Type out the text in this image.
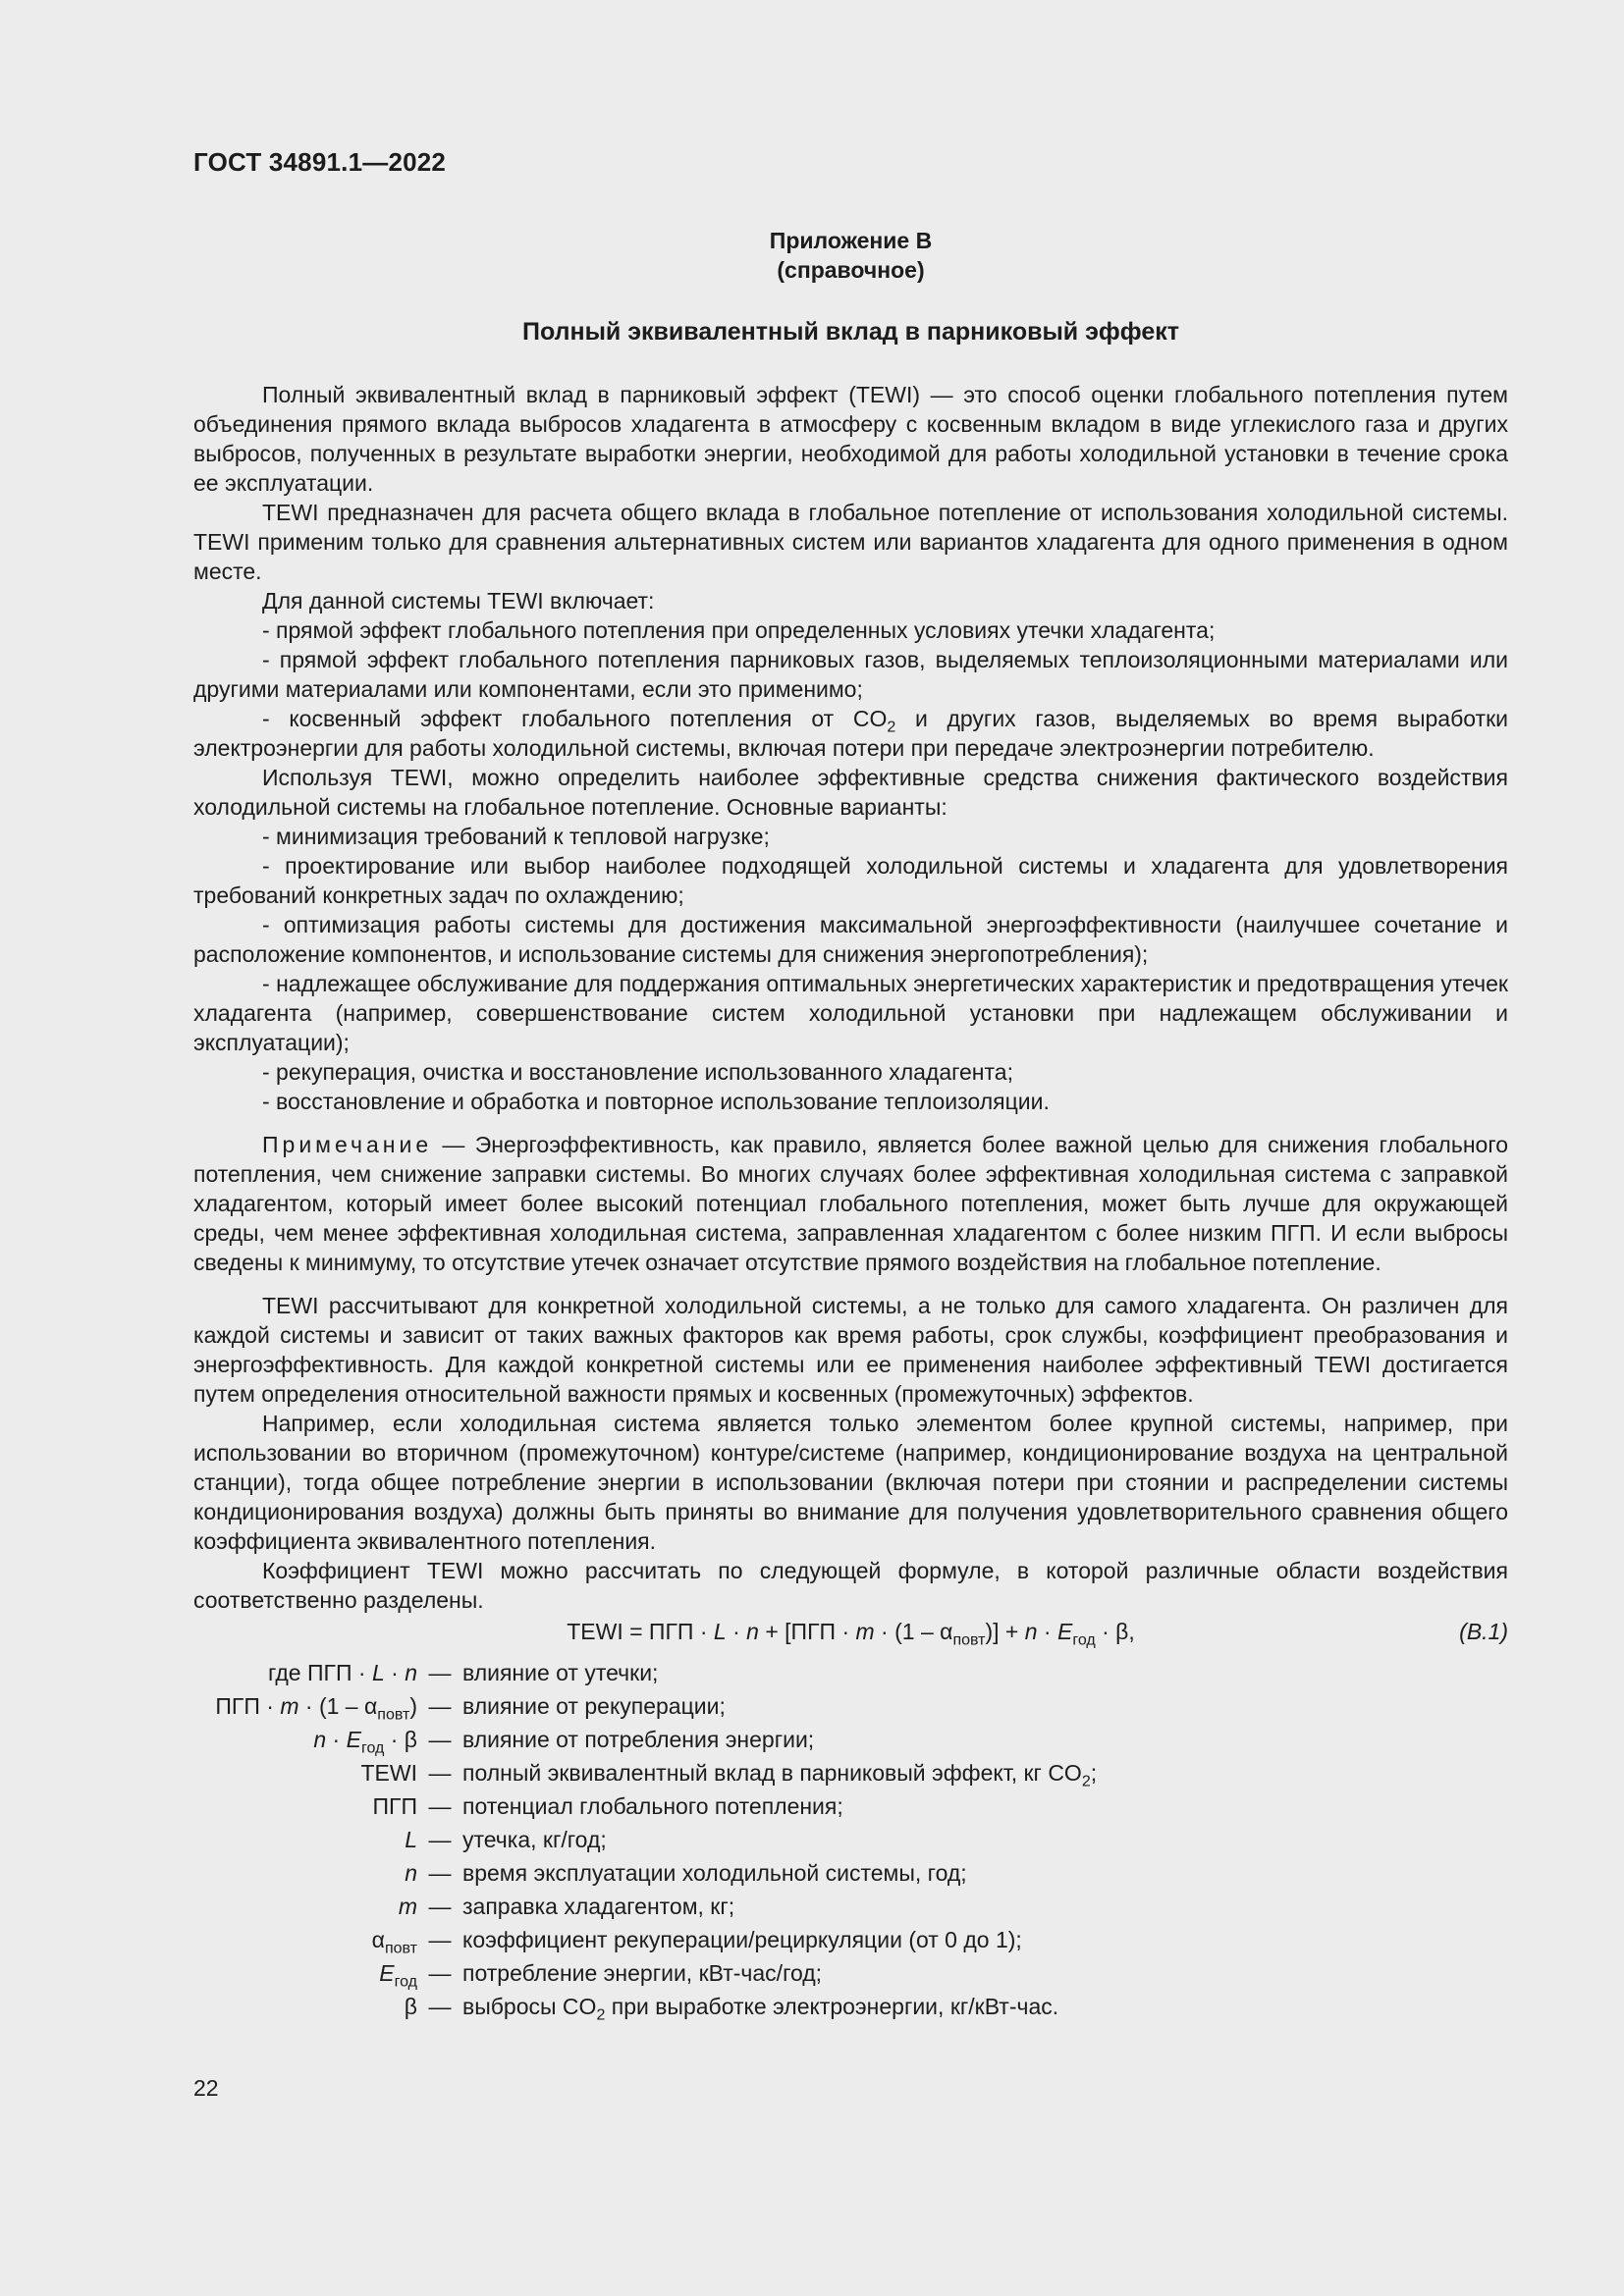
ГОСТ 34891.1—2022
Приложение В
(справочное)
Полный эквивалентный вклад в парниковый эффект

Полный эквивалентный вклад в парниковый эффект (TEWI) — это способ оценки глобального потепления путем объединения прямого вклада выбросов хладагента в атмосферу с косвенным вкладом в виде углекислого газа и других выбросов, полученных в результате выработки энергии, необходимой для работы холодильной установки в течение срока ее эксплуатации.

TEWI предназначен для расчета общего вклада в глобальное потепление от использования холодильной системы. TEWI применим только для сравнения альтернативных систем или вариантов хладагента для одного применения в одном месте.

Для данной системы TEWI включает:

- прямой эффект глобального потепления при определенных условиях утечки хладагента;

- прямой эффект глобального потепления парниковых газов, выделяемых теплоизоляционными материалами или другими материалами или компонентами, если это применимо;

- косвенный эффект глобального потепления от $CO_2$ и других газов, выделяемых во время выработки электроэнергии для работы холодильной системы, включая потери при передаче электроэнергии потребителю.

Используя TEWI, можно определить наиболее эффективные средства снижения фактического воздействия холодильной системы на глобальное потепление. Основные варианты:

- минимизация требований к тепловой нагрузке;

- проектирование или выбор наиболее подходящей холодильной системы и хладагента для удовлетворения требований конкретных задач по охлаждению;

- оптимизация работы системы для достижения максимальной энергоэффективности (наилучшее сочетание и расположение компонентов, и использование системы для снижения энергопотребления);

- надлежащее обслуживание для поддержания оптимальных энергетических характеристик и предотвращения утечек хладагента (например, совершенствование систем холодильной установки при надлежащем обслуживании и эксплуатации);

- рекуперация, очистка и восстановление использованного хладагента;

- восстановление и обработка и повторное использование теплоизоляции.

Примечание — Энергоэффективность, как правило, является более важной целью для снижения глобального потепления, чем снижение заправки системы. Во многих случаях более эффективная холодильная система с заправкой хладагентом, который имеет более высокий потенциал глобального потепления, может быть лучше для окружающей среды, чем менее эффективная холодильная система, заправленная хладагентом с более низким ПГП. И если выбросы сведены к минимуму, то отсутствие утечек означает отсутствие прямого воздействия на глобальное потепление.

TEWI рассчитывают для конкретной холодильной системы, а не только для самого хладагента. Он различен для каждой системы и зависит от таких важных факторов как время работы, срок службы, коэффициент преобразования и энергоэффективность. Для каждой конкретной системы или ее применения наиболее эффективный TEWI достигается путем определения относительной важности прямых и косвенных (промежуточных) эффектов.

Например, если холодильная система является только элементом более крупной системы, например, при использовании во вторичном (промежуточном) контуре/системе (например, кондиционирование воздуха на центральной станции), тогда общее потребление энергии в использовании (включая потери при стоянии и распределении системы кондиционирования воздуха) должны быть приняты во внимание для получения удовлетворительного сравнения общего коэффициента эквивалентного потепления.

Коэффициент TEWI можно рассчитать по следующей формуле, в которой различные области воздействия соответственно разделены.

TEWI = ПГП · $L \cdot n + [ПГП \cdot m \cdot (1 - \alpha_{повт})] + n \cdot E_{год} \cdot \beta$,	(В.1)
где ПГП · L · n — влияние от утечки;
ПГП · $m \cdot (1 - \alpha_{повт})$ — влияние от рекуперации;
$n \cdot E_{год} \cdot \beta$ — влияние от потребления энергии;
TEWI — полный эквивалентный вклад в парниковый эффект, кг $CO_2$;
ПГП — потенциал глобального потепления;
L — утечка, кг/год;
n — время эксплуатации холодильной системы, год;
m — заправка хладагентом, кг;
$\alpha_{повт}$ — коэффициент рекуперации/рециркуляции (от 0 до 1);
$E_{год}$ — потребление энергии, кВт-час/год;
β — выбросы $CO_2$ при выработке электроэнергии, кг/кВт-час.
22
